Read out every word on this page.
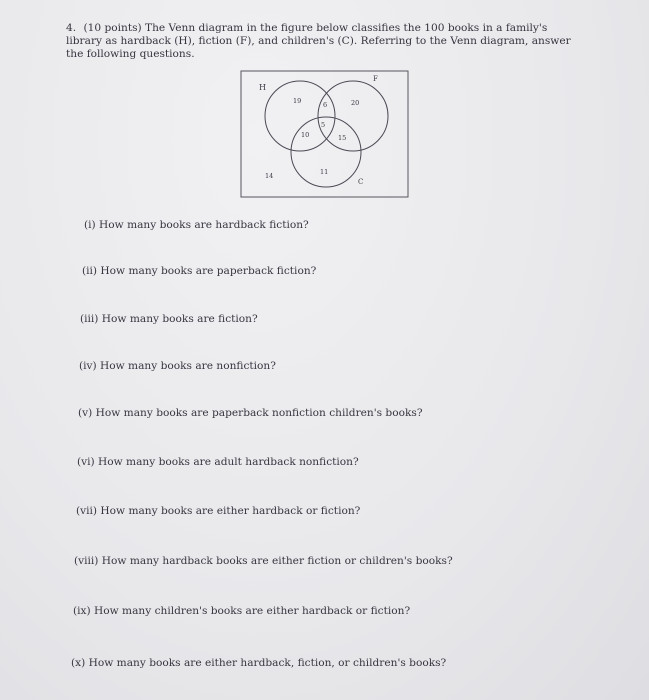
4. (10 points) The Venn diagram in the figure below classifies the 100 books in a family's library as hardback (H), fiction (F), and children's (C). Referring to the Venn diagram, answer the following questions.
H
F
C
19	6	20
10
5
15
11
14
(i) How many books are hardback fiction?
(ii) How many books are paperback fiction?
(iii) How many books are fiction?
(iv) How many books are nonfiction?
(v) How many books are paperback nonfiction children's books?
(vi) How many books are adult hardback nonfiction?
(vii) How many books are either hardback or fiction?
(viii) How many hardback books are either fiction or children's books?
(ix) How many children's books are either hardback or fiction?
(x) How many books are either hardback, fiction, or children's books?
